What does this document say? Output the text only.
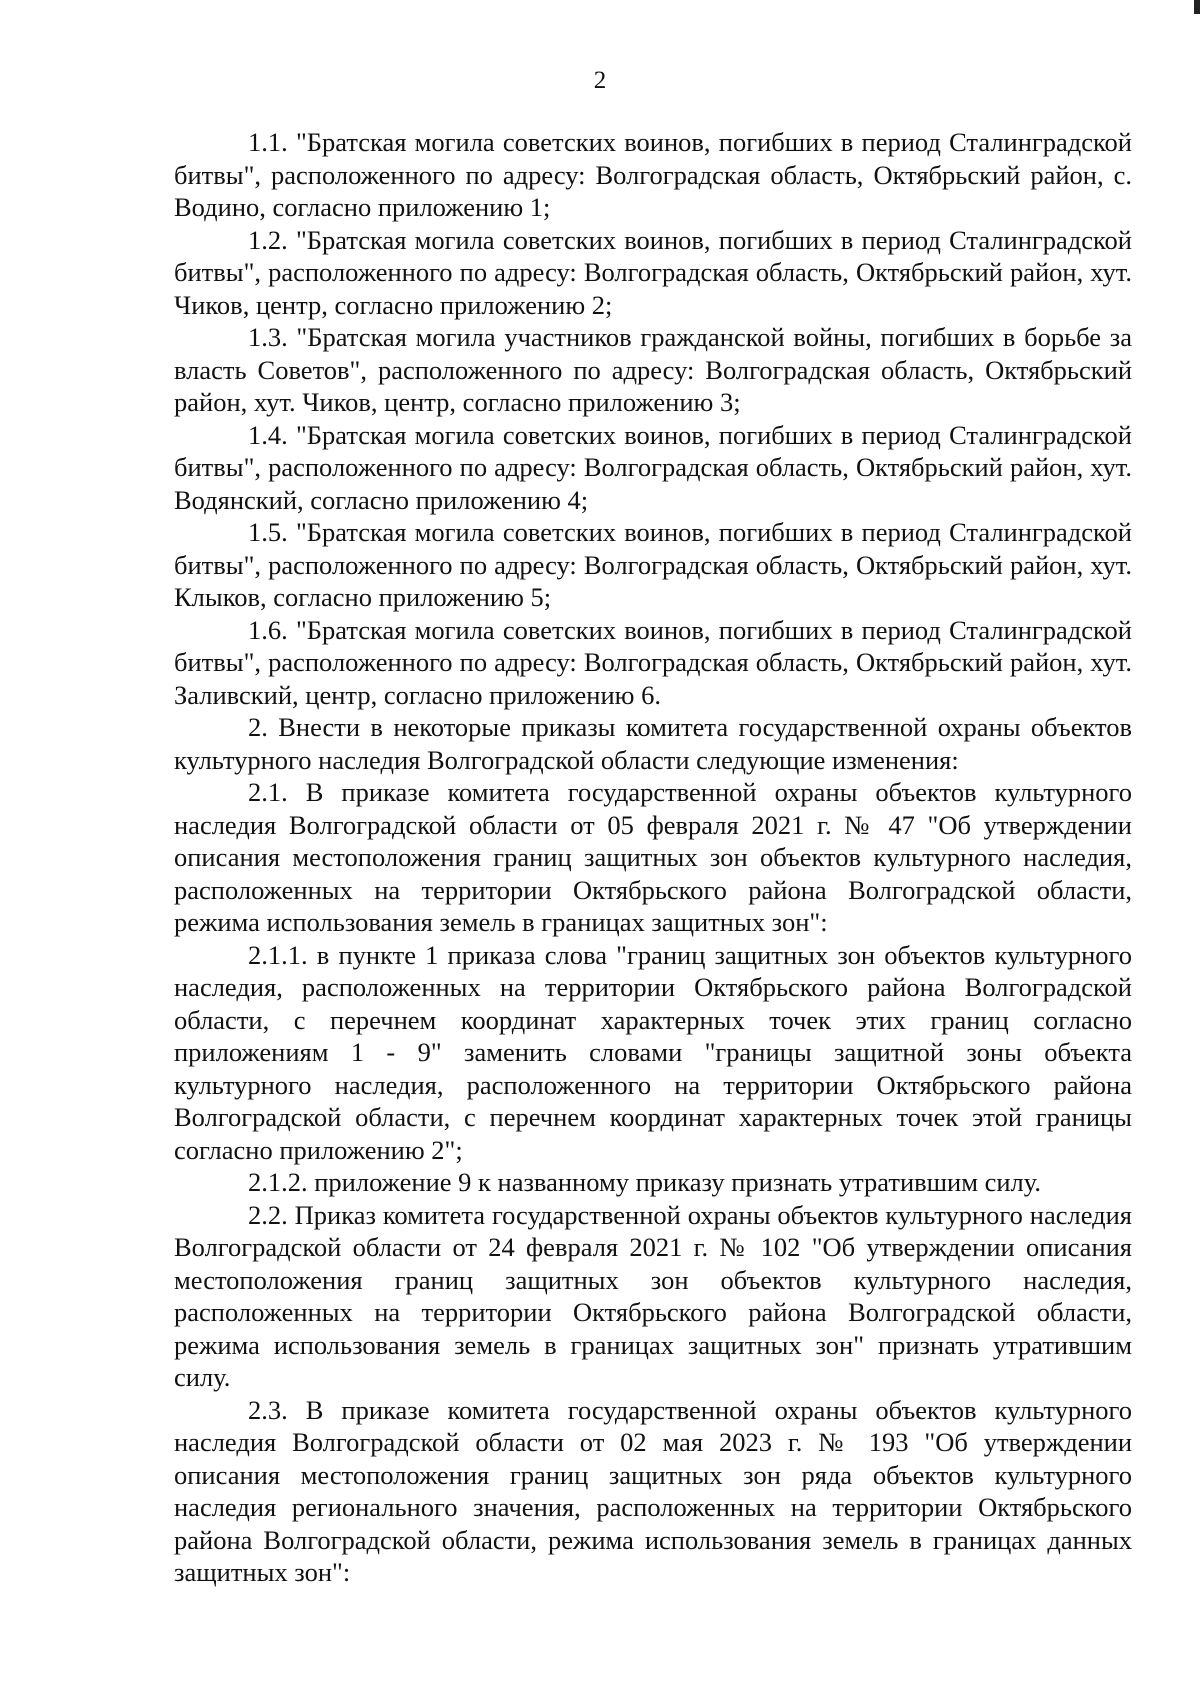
2

1.1. "Братская могила советских воинов, погибших в период Сталинградской битвы", расположенного по адресу: Волгоградская область, Октябрьский район, с. Водино, согласно приложению 1;

1.2. "Братская могила советских воинов, погибших в период Сталинградской битвы", расположенного по адресу: Волгоградская область, Октябрьский район, хут. Чиков, центр, согласно приложению 2;

1.3. "Братская могила участников гражданской войны, погибших в борьбе за власть Советов", расположенного по адресу: Волгоградская область, Октябрьский район, хут. Чиков, центр, согласно приложению 3;

1.4. "Братская могила советских воинов, погибших в период Сталинградской битвы", расположенного по адресу: Волгоградская область, Октябрьский район, хут. Водянский, согласно приложению 4;

1.5. "Братская могила советских воинов, погибших в период Сталинградской битвы", расположенного по адресу: Волгоградская область, Октябрьский район, хут. Клыков, согласно приложению 5;

1.6. "Братская могила советских воинов, погибших в период Сталинградской битвы", расположенного по адресу: Волгоградская область, Октябрьский район, хут. Заливский, центр, согласно приложению 6.

2. Внести в некоторые приказы комитета государственной охраны объектов культурного наследия Волгоградской области следующие изменения:

2.1. В приказе комитета государственной охраны объектов культурного наследия Волгоградской области от 05 февраля 2021 г. № 47 "Об утверждении описания местоположения границ защитных зон объектов культурного наследия, расположенных на территории Октябрьского района Волгоградской области, режима использования земель в границах защитных зон":

2.1.1. в пункте 1 приказа слова "границ защитных зон объектов культурного наследия, расположенных на территории Октябрьского района Волгоградской области, с перечнем координат характерных точек этих границ согласно приложениям 1 - 9" заменить словами "границы защитной зоны объекта культурного наследия, расположенного на территории Октябрьского района Волгоградской области, с перечнем координат характерных точек этой границы согласно приложению 2";

2.1.2. приложение 9 к названному приказу признать утратившим силу.

2.2. Приказ комитета государственной охраны объектов культурного наследия Волгоградской области от 24 февраля 2021 г. № 102 "Об утверждении описания местоположения границ защитных зон объектов культурного наследия, расположенных на территории Октябрьского района Волгоградской области, режима использования земель в границах защитных зон" признать утратившим силу.

2.3. В приказе комитета государственной охраны объектов культурного наследия Волгоградской области от 02 мая 2023 г. № 193 "Об утверждении описания местоположения границ защитных зон ряда объектов культурного наследия регионального значения, расположенных на территории Октябрьского района Волгоградской области, режима использования земель в границах данных защитных зон":
